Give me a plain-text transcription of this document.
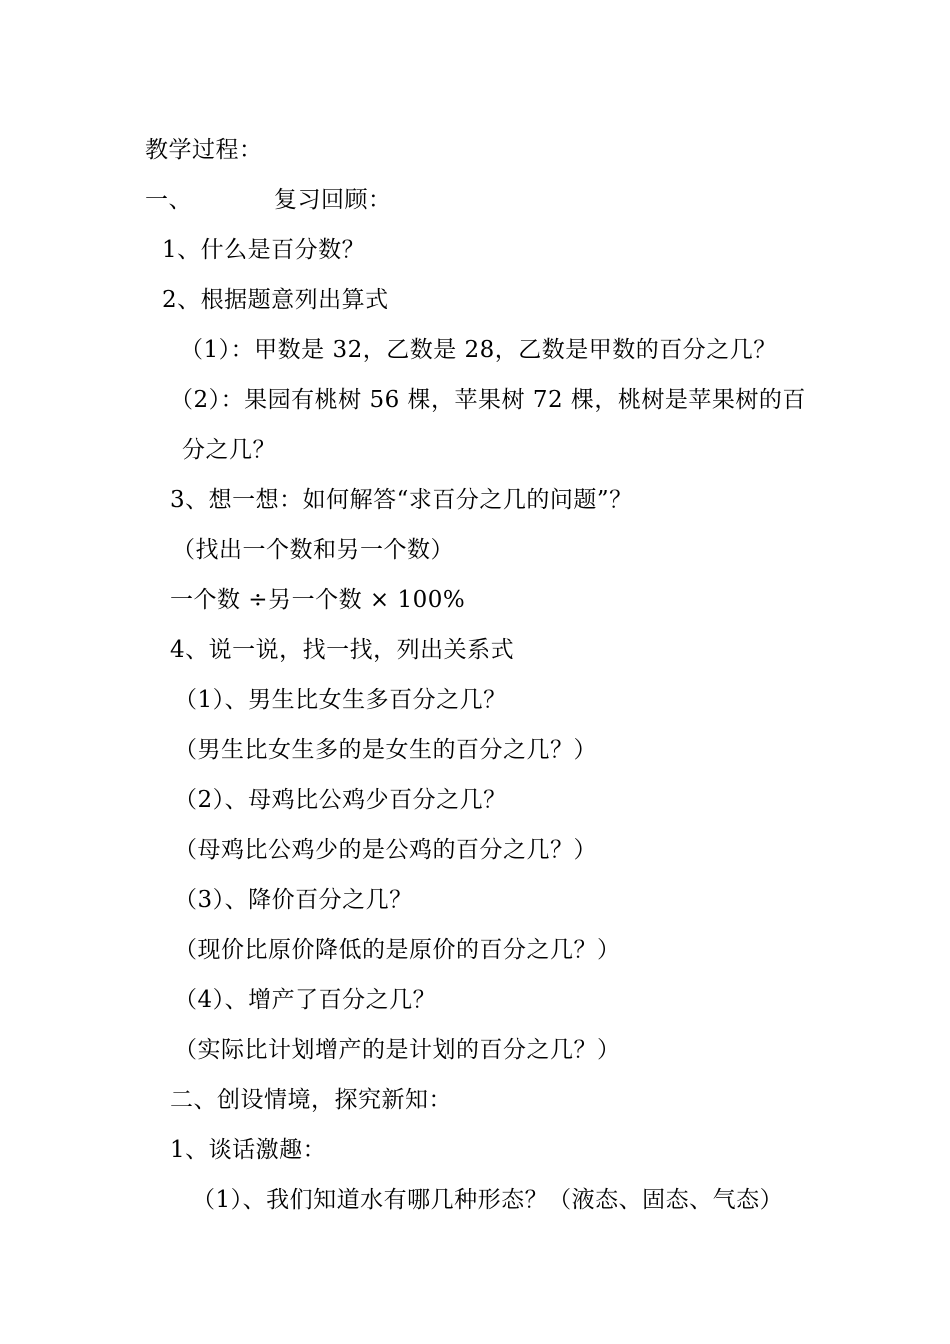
教学过程：
一、	复习回顾：
1、什么是百分数？
2、根据题意列出算式
（1）：甲数是 32，乙数是 28，乙数是甲数的百分之几？
（2）：果园有桃树 56 棵，苹果树 72 棵，桃树是苹果树的百
分之几？
3、想一想：如何解答“求百分之几的问题”？
（找出一个数和另一个数）
一个数 ÷另一个数 × 100%
4、说一说，找一找，列出关系式
（1）、男生比女生多百分之几？
（男生比女生多的是女生的百分之几？）
（2）、母鸡比公鸡少百分之几？
（母鸡比公鸡少的是公鸡的百分之几？）
（3）、降价百分之几？
（现价比原价降低的是原价的百分之几？）
（4）、增产了百分之几？
（实际比计划增产的是计划的百分之几？）
二、创设情境，探究新知：
1、谈话激趣：
（1）、我们知道水有哪几种形态？（液态、固态、气态）
